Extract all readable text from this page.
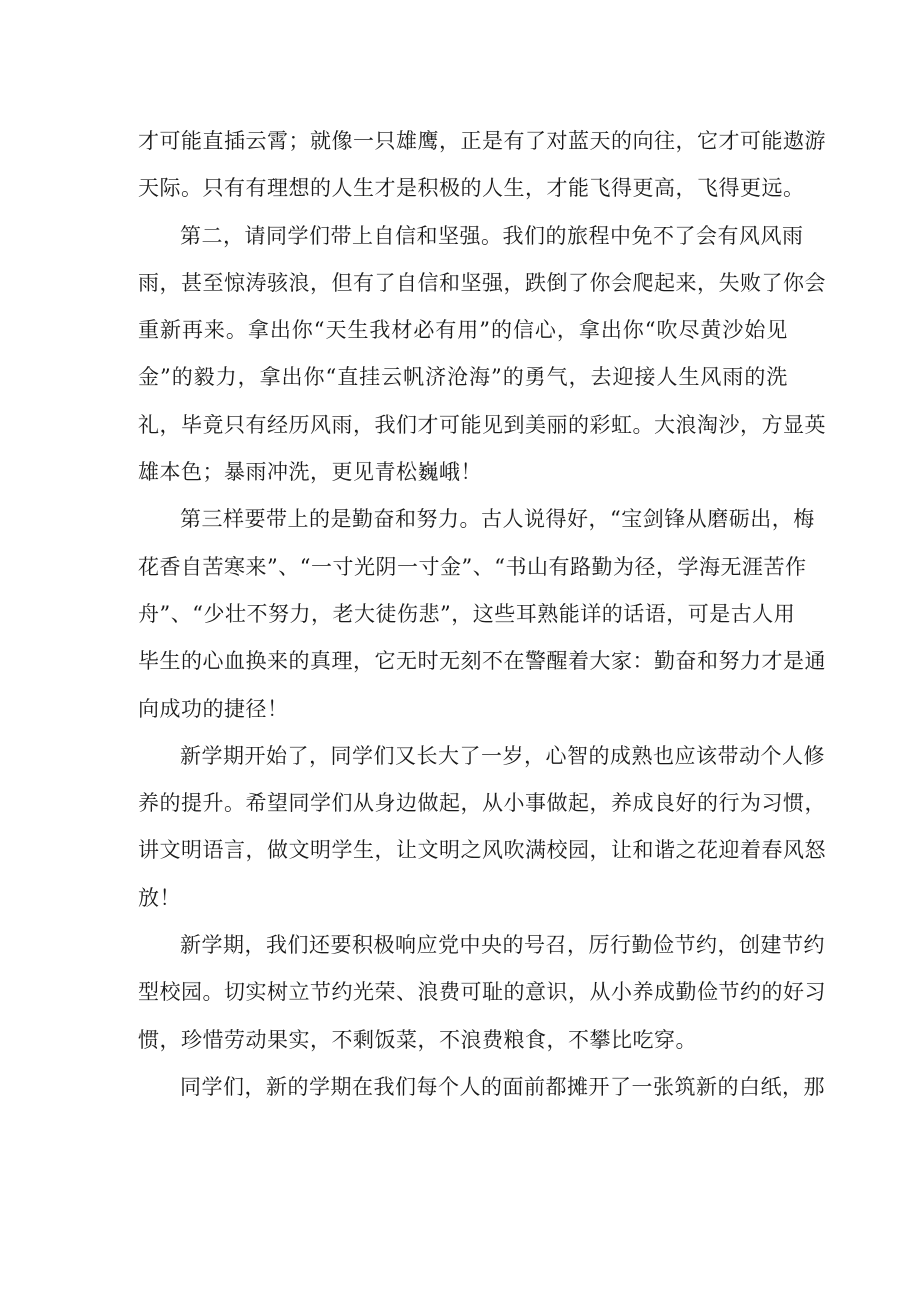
才 可 能 直 插 云 霄 ； 就 像 一 只 雄 鹰 ， 正 是 有 了 对 蓝 天 的 向 往 ， 它 才 可 能 遨 游
天际。只有有理想的人生才是积极的人生，才能飞得更高，飞得更远。
第 二 ， 请 同 学 们 带 上 自 信 和 坚 强 。 我 们 的 旅 程 中 免 不 了 会 有 风 风 雨
雨 ， 甚 至 惊 涛 骇 浪 ， 但 有 了 自 信 和 坚 强 ， 跌 倒 了 你 会 爬 起 来 ， 失 败 了 你 会
重 新 再 来 。 拿 出 你 “ 天 生 我 材 必 有 用 ” 的 信 心 ， 拿 出 你 “ 吹 尽 黄 沙 始 见
金 ” 的 毅 力 ， 拿 出 你 “ 直 挂 云 帆 济 沧 海 ” 的 勇 气 ， 去 迎 接 人 生 风 雨 的 洗
礼 ， 毕 竟 只 有 经 历 风 雨 ， 我 们 才 可 能 见 到 美 丽 的 彩 虹 。 大 浪 淘 沙 ， 方 显 英
雄本色；暴雨冲洗，更见青松巍峨！
第 三 样 要 带 上 的 是 勤 奋 和 努 力 。 古 人 说 得 好 ， “ 宝 剑 锋 从 磨 砺 出 ， 梅
花 香 自 苦 寒 来 ” 、 “ 一 寸 光 阴 一 寸 金 ” 、 “ 书 山 有 路 勤 为 径 ， 学 海 无 涯 苦 作
舟 ” 、 “ 少 壮 不 努 力 ， 老 大 徒 伤 悲 ” ， 这 些 耳 熟 能 详 的 话 语 ， 可 是 古 人 用
毕 生 的 心 血 换 来 的 真 理 ， 它 无 时 无 刻 不 在 警 醒 着 大 家 ： 勤 奋 和 努 力 才 是 通
向成功的捷径！
新 学 期 开 始 了 ， 同 学 们 又 长 大 了 一 岁 ， 心 智 的 成 熟 也 应 该 带 动 个 人 修
养 的 提 升 。 希 望 同 学 们 从 身 边 做 起 ， 从 小 事 做 起 ， 养 成 良 好 的 行 为 习 惯 ，
讲 文 明 语 言 ， 做 文 明 学 生 ， 让 文 明 之 风 吹 满 校 园 ， 让 和 谐 之 花 迎 着 春 风 怒
放！
新 学 期 ， 我 们 还 要 积 极 响 应 党 中 央 的 号 召 ， 厉 行 勤 俭 节 约 ， 创 建 节 约
型 校 园 。 切 实 树 立 节 约 光 荣 、 浪 费 可 耻 的 意 识 ， 从 小 养 成 勤 俭 节 约 的 好 习
惯，珍惜劳动果实，不剩饭菜，不浪费粮食，不攀比吃穿。
同 学 们 ， 新 的 学 期 在 我 们 每 个 人 的 面 前 都 摊 开 了 一 张 筑 新 的 白 纸 ， 那
